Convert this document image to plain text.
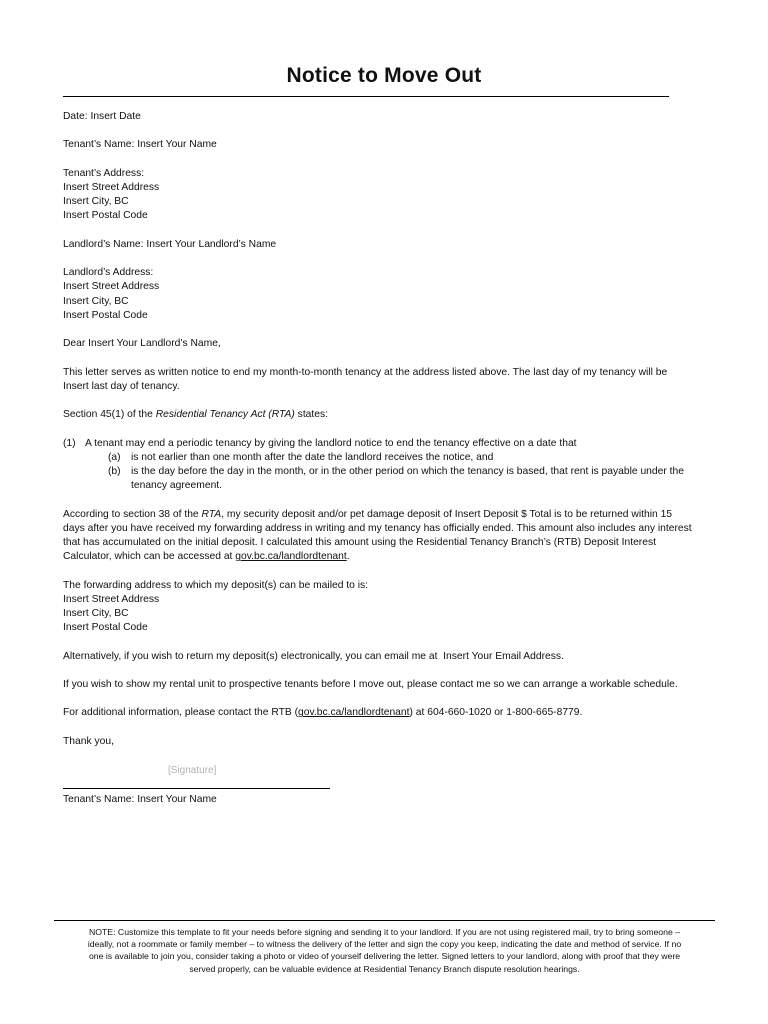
Notice to Move Out

Date: Insert Date

Tenant’s Name: Insert Your Name

Tenant’s Address:
Insert Street Address
Insert City, BC
Insert Postal Code

Landlord’s Name: Insert Your Landlord’s Name

Landlord’s Address:
Insert Street Address
Insert City, BC
Insert Postal Code

Dear Insert Your Landlord’s Name,

This letter serves as written notice to end my month-to-month tenancy at the address listed above. The last day of my tenancy will be
Insert last day of tenancy.

Section 45(1) of the Residential Tenancy Act (RTA) states:

(1) A tenant may end a periodic tenancy by giving the landlord notice to end the tenancy effective on a date that
(a)	is not earlier than one month after the date the landlord receives the notice, and
(b)	is the day before the day in the month, or in the other period on which the tenancy is based, that rent is payable under the
tenancy agreement.

According to section 38 of the RTA, my security deposit and/or pet damage deposit of Insert Deposit $ Total is to be returned within 15
days after you have received my forwarding address in writing and my tenancy has officially ended. This amount also includes any interest
that has accumulated on the initial deposit. I calculated this amount using the Residential Tenancy Branch’s (RTB) Deposit Interest
Calculator, which can be accessed at gov.bc.ca/landlordtenant.

The forwarding address to which my deposit(s) can be mailed to is:
Insert Street Address
Insert City, BC
Insert Postal Code

Alternatively, if you wish to return my deposit(s) electronically, you can email me at  Insert Your Email Address.

If you wish to show my rental unit to prospective tenants before I move out, please contact me so we can arrange a workable schedule.

For additional information, please contact the RTB (gov.bc.ca/landlordtenant) at 604-660-1020 or 1-800-665-8779.

Thank you,

[Signature]
Tenant’s Name: Insert Your Name
NOTE: Customize this template to fit your needs before signing and sending it to your landlord. If you are not using registered mail, try to bring someone –
ideally, not a roommate or family member – to witness the delivery of the letter and sign the copy you keep, indicating the date and method of service. If no
one is available to join you, consider taking a photo or video of yourself delivering the letter. Signed letters to your landlord, along with proof that they were
served properly, can be valuable evidence at Residential Tenancy Branch dispute resolution hearings.
